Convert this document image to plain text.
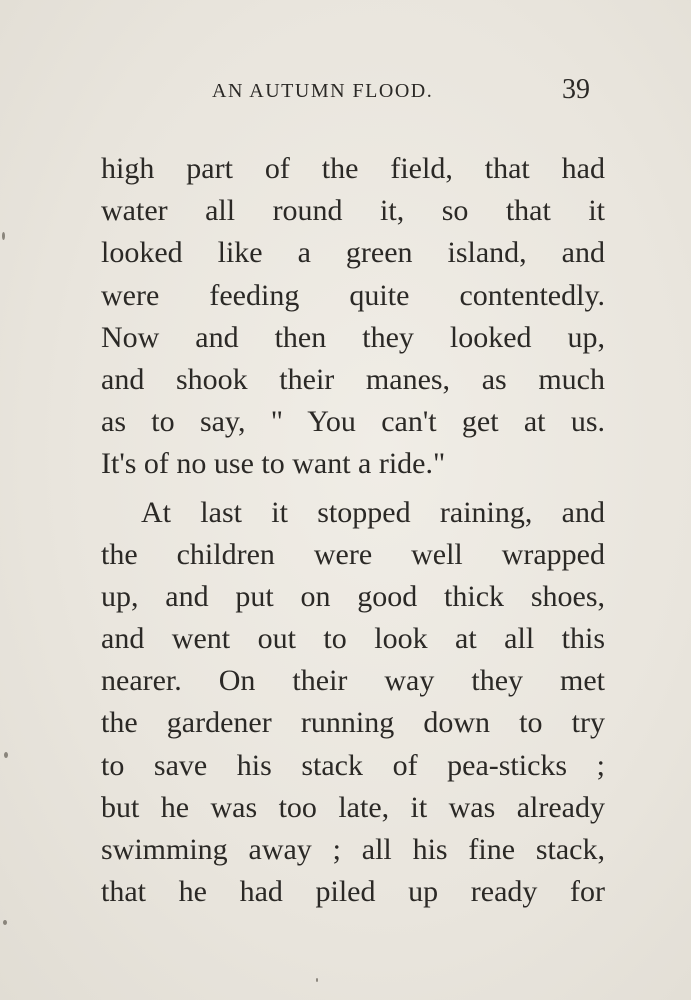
AN AUTUMN FLOOD.	39
high part of the field, that had
water all round it, so that it
looked like a green island, and
were feeding quite contentedly.
Now and then they looked up,
and shook their manes, as much
as to say, " You can't get at us.
It's of no use to want a ride."
At last it stopped raining, and
the children were well wrapped
up, and put on good thick shoes,
and went out to look at all this
nearer. On their way they met
the gardener running down to try
to save his stack of pea-sticks ;
but he was too late, it was already
swimming away ; all his fine stack,
that he had piled up ready for
